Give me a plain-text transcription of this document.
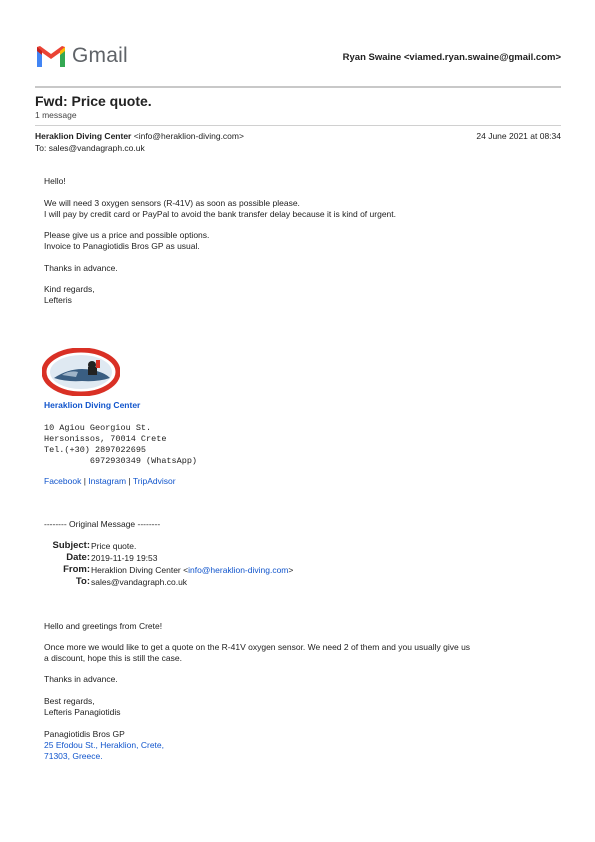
Gmail	Ryan Swaine <viamed.ryan.swaine@gmail.com>
Fwd: Price quote.
1 message
Heraklion Diving Center <info@heraklion-diving.com>	24 June 2021 at 08:34
To: sales@vandagraph.co.uk

Hello!

We will need 3 oxygen sensors (R-41V) as soon as possible please.

I will pay by credit card or PayPal to avoid the bank transfer delay because it is kind of urgent.

Please give us a price and possible options.

Invoice to Panagiotidis Bros GP as usual.

Thanks in advance.

Kind regards,

Lefteris

Heraklion Diving Center
10 Agiou Georgiou St.
Hersonissos, 70014 Crete
Tel.(+30) 2897022695
6972930349 (WhatsApp)
Facebook | Instagram | TripAdvisor
-------- Original Message --------
Subject: Price quote.
Date: 2019-11-19 19:53
From: Heraklion Diving Center <info@heraklion-diving.com>
To: sales@vandagraph.co.uk

Hello and greetings from Crete!

Once more we would like to get a quote on the R-41V oxygen sensor. We need 2 of them and you usually give us

a discount, hope this is still the case.

Thanks in advance.

Best regards,

Lefteris Panagiotidis

Panagiotidis Bros GP

25 Efodou St., Heraklion, Crete,

71303, Greece.
